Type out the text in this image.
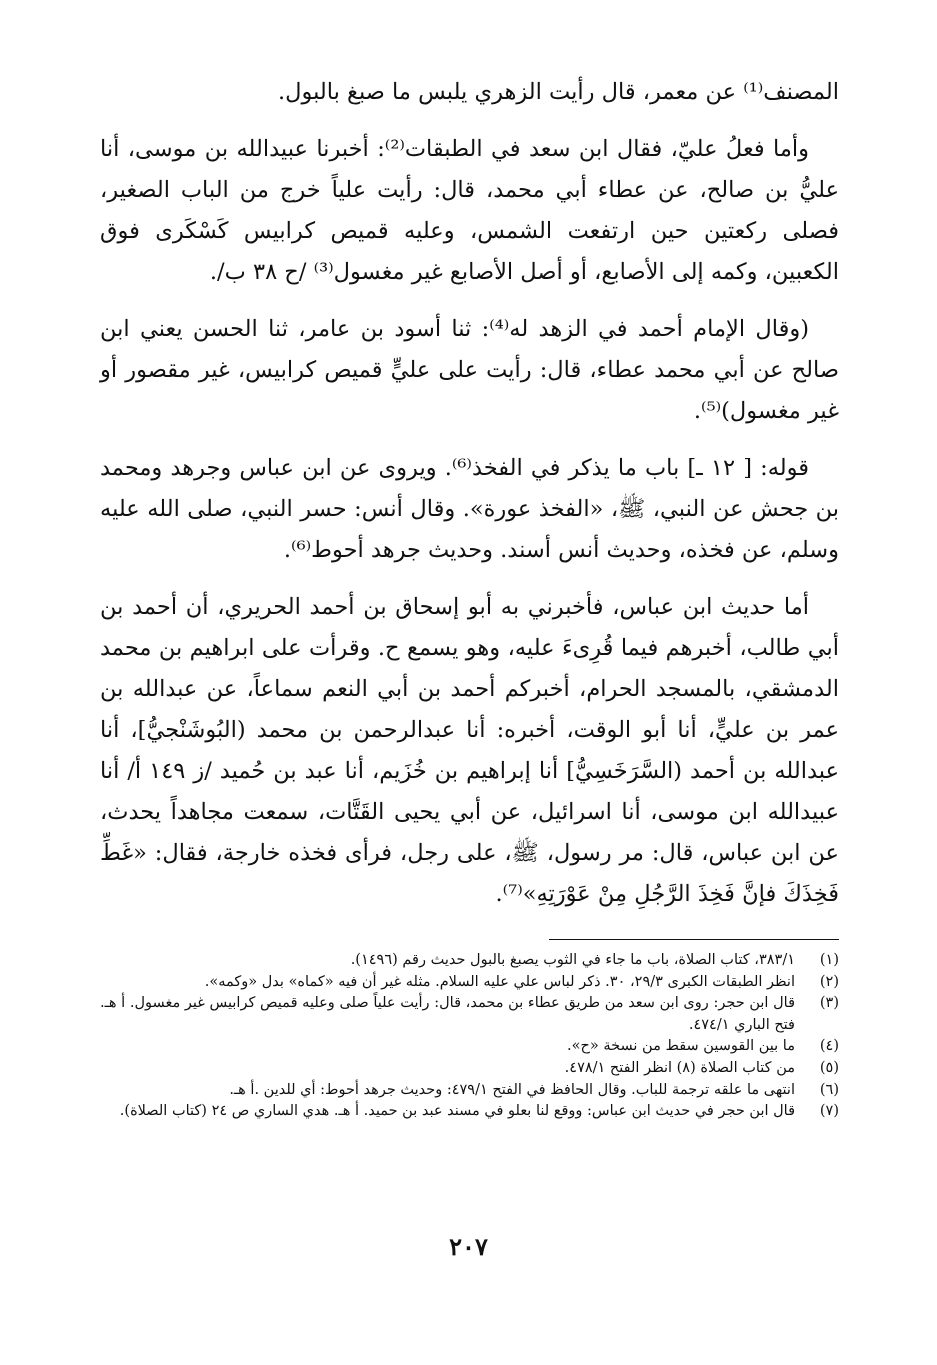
المصنف⁽¹⁾ عن معمر، قال رأيت الزهري يلبس ما صبغ بالبول.

وأما فعلُ عليّ، فقال ابن سعد في الطبقات⁽²⁾: أخبرنا عبيدالله بن موسى، أنا عليُّ بن صالح، عن عطاء أبي محمد، قال: رأيت علياً خرج من الباب الصغير، فصلى ركعتين حين ارتفعت الشمس، وعليه قميص كرابيس كَسْكَرى فوق الكعبين، وكمه إلى الأصابع، أو أصل الأصابع غير مغسول⁽³⁾ /ح ٣٨ ب/.

(وقال الإمام أحمد في الزهد له⁽⁴⁾: ثنا أسود بن عامر، ثنا الحسن يعني ابن صالح عن أبي محمد عطاء، قال: رأيت على عليٍّ قميص كرابيس، غير مقصور أو غير مغسول)⁽⁵⁾.

قوله: [ ١٢ ـ] باب ما يذكر في الفخذ⁽⁶⁾. ويروى عن ابن عباس وجرهد ومحمد بن جحش عن النبي، ﷺ، «الفخذ عورة». وقال أنس: حسر النبي، صلى الله عليه وسلم، عن فخذه، وحديث أنس أسند. وحديث جرهد أحوط⁽⁶⁾.

أما حديث ابن عباس، فأخبرني به أبو إسحاق بن أحمد الحريري، أن أحمد بن أبي طالب، أخبرهم فيما قُرِىءَ عليه، وهو يسمع ح. وقرأت على ابراهيم بن محمد الدمشقي، بالمسجد الحرام، أخبركم أحمد بن أبي النعم سماعاً، عن عبدالله بن عمر بن عليٍّ، أنا أبو الوقت، أخبره: أنا عبدالرحمن بن محمد (البُوشَنْجيُّ]، أنا عبدالله بن أحمد (السَّرَخَسِيُّ] أنا إبراهيم بن خُزَيم، أنا عبد بن حُميد /ز ١٤٩ أ/ أنا عبيدالله ابن موسى، أنا اسرائيل، عن أبي يحيى القَتَّات، سمعت مجاهداً يحدث، عن ابن عباس، قال: مر رسول، ﷺ، على رجل، فرأى فخذه خارجة، فقال: «غَطِّ فَخِذَكَ فإنَّ فَخِذَ الرَّجُلِ مِنْ عَوْرَتِهِ»⁽⁷⁾.

(١)
٣٨٣/١، كتاب الصلاة، باب ما جاء في الثوب يصبغ بالبول حديث رقم (١٤٩٦).
(٢)
انظر الطبقات الكبرى ٢٩/٣، ٣٠. ذكر لباس علي عليه السلام. مثله غير أن فيه «كماه» بدل «وكمه».
(٣)
قال ابن حجر: روى ابن سعد من طريق عطاء بن محمد، قال: رأيت علياً صلى وعليه قميص كرابيس غير مغسول. أ هـ. فتح الباري ٤٧٤/١.
(٤)
ما بين القوسين سقط من نسخة «ح».
(٥)
من كتاب الصلاة (٨) انظر الفتح ٤٧٨/١.
(٦)
انتهى ما علقه ترجمة للباب. وقال الحافظ في الفتح ٤٧٩/١: وحديث جرهد أحوط: أي للدين .أ هـ.
(٧)
قال ابن حجر في حديث ابن عباس: ووقع لنا بعلو في مسند عبد بن حميد. أ هـ. هدي الساري ص ٢٤ (كتاب الصلاة).
٢٠٧
